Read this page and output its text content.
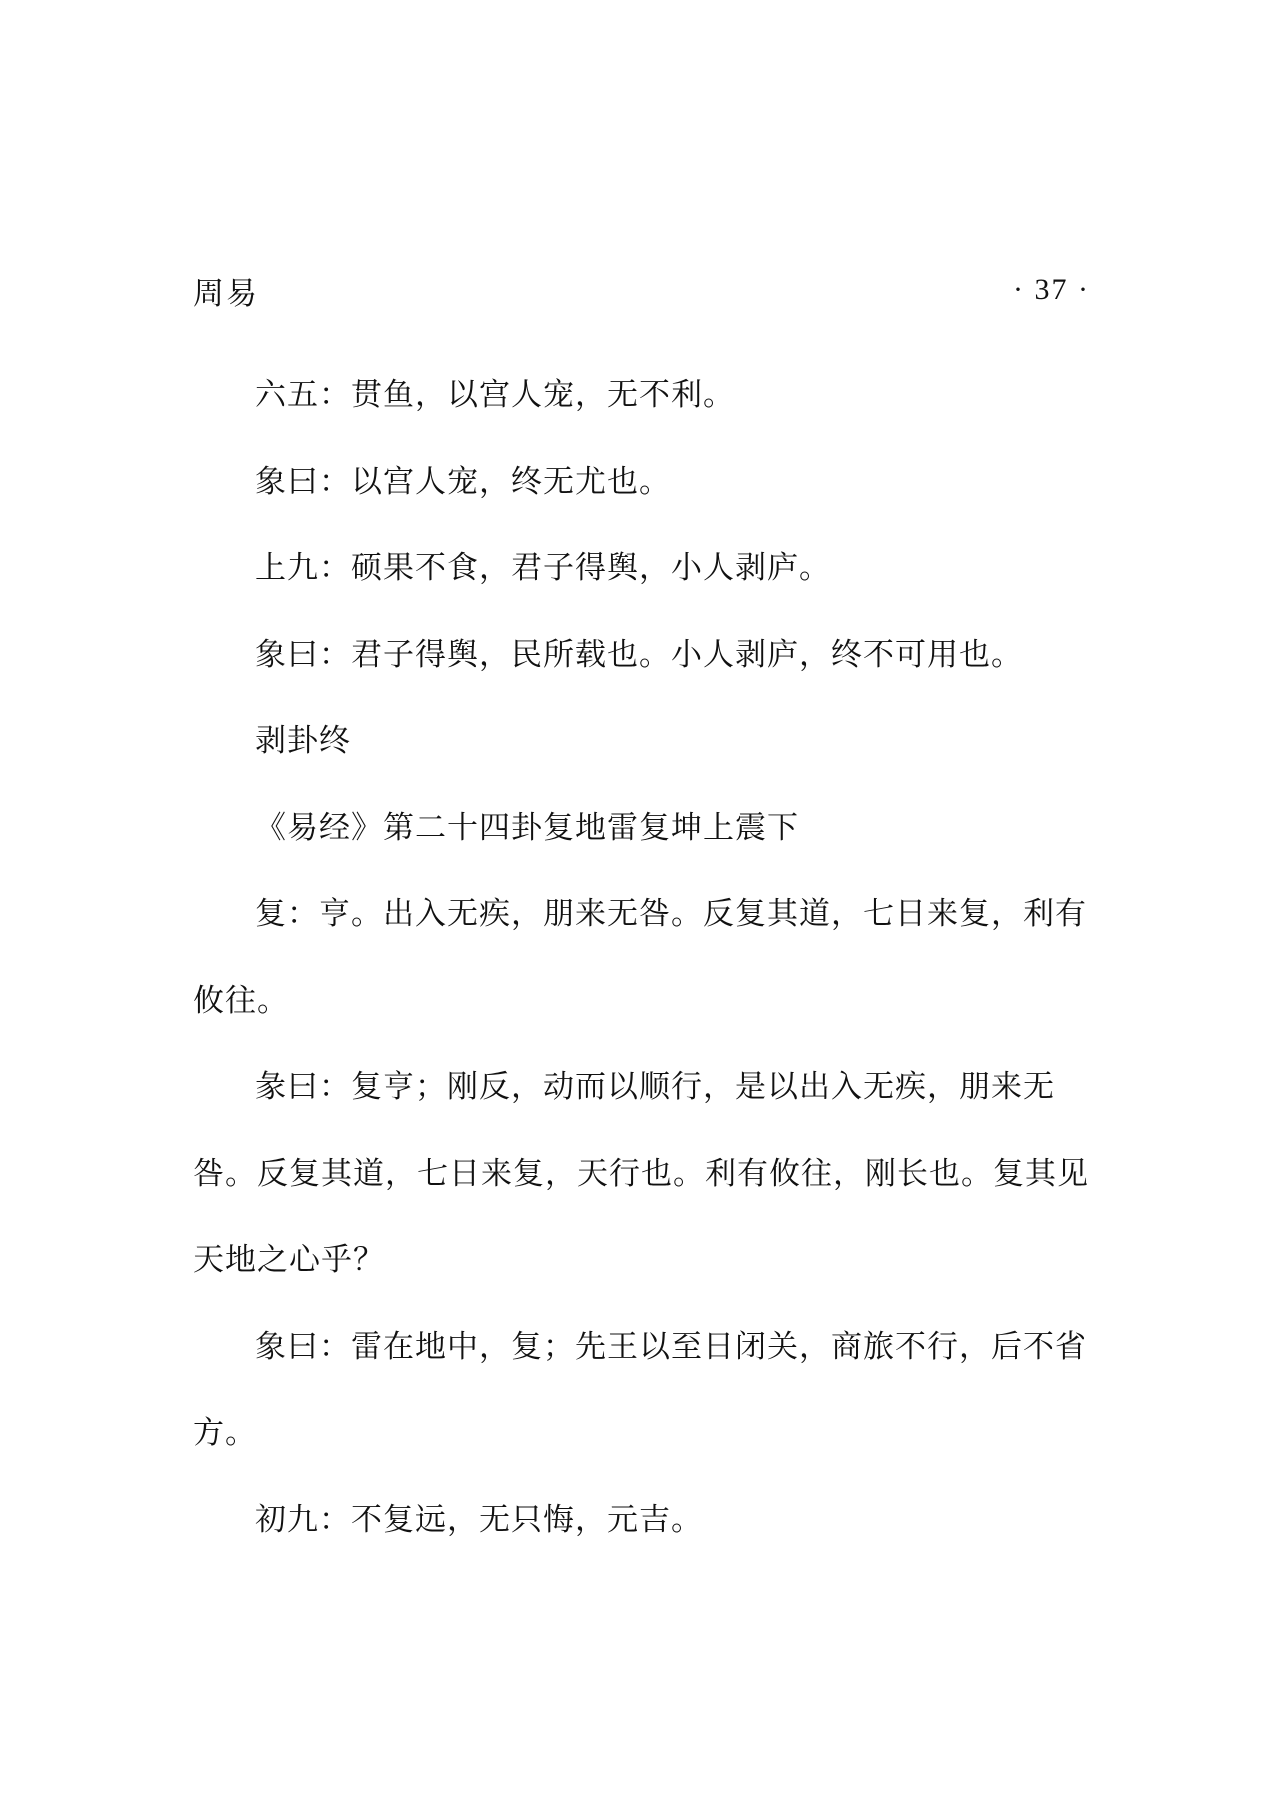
周易	· 37 ·

六五：贯鱼，以宫人宠，无不利。

象曰：以宫人宠，终无尤也。

上九：硕果不食，君子得舆，小人剥庐。

象曰：君子得舆，民所载也。小人剥庐，终不可用也。

剥卦终

《易经》第二十四卦复地雷复坤上震下

复：亨。出入无疾，朋来无咎。反复其道，七日来复，利有攸往。

彖曰：复亨；刚反，动而以顺行，是以出入无疾，朋来无咎。反复其道，七日来复，天行也。利有攸往，刚长也。复其见天地之心乎？

象曰：雷在地中，复；先王以至日闭关，商旅不行，后不省方。

初九：不复远，无只悔，元吉。
